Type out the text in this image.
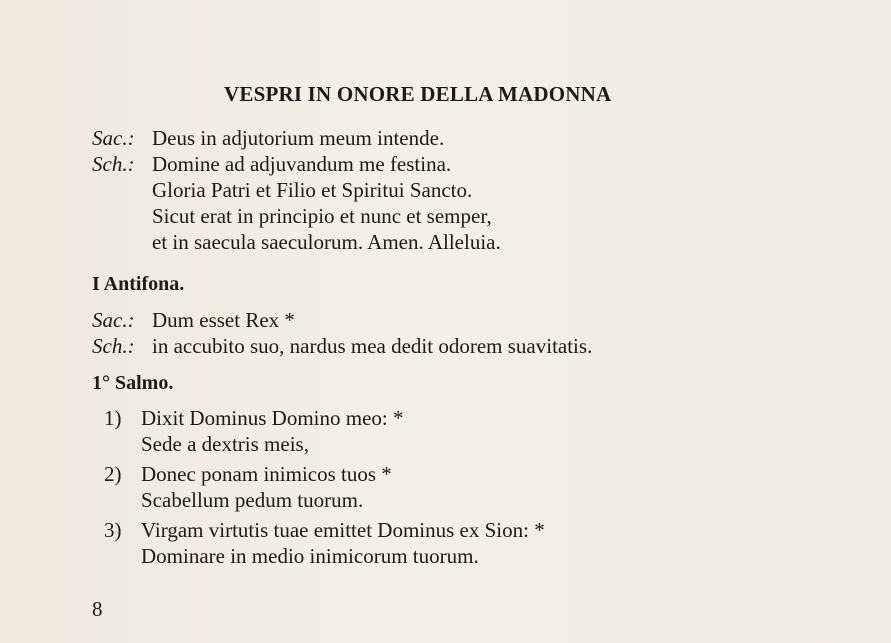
VESPRI IN ONORE DELLA MADONNA
Sac.: Deus in adjutorium meum intende.
Sch.: Domine ad adjuvandum me festina.
Gloria Patri et Filio et Spiritui Sancto.
Sicut erat in principio et nunc et semper,
et in saecula saeculorum. Amen. Alleluia.
I Antifona.
Sac.: Dum esset Rex *
Sch.: in accubito suo, nardus mea dedit odorem suavitatis.
1° Salmo.
1) Dixit Dominus Domino meo: *
Sede a dextris meis,
2) Donec ponam inimicos tuos *
Scabellum pedum tuorum.
3) Virgam virtutis tuae emittet Dominus ex Sion: *
Dominare in medio inimicorum tuorum.
8
